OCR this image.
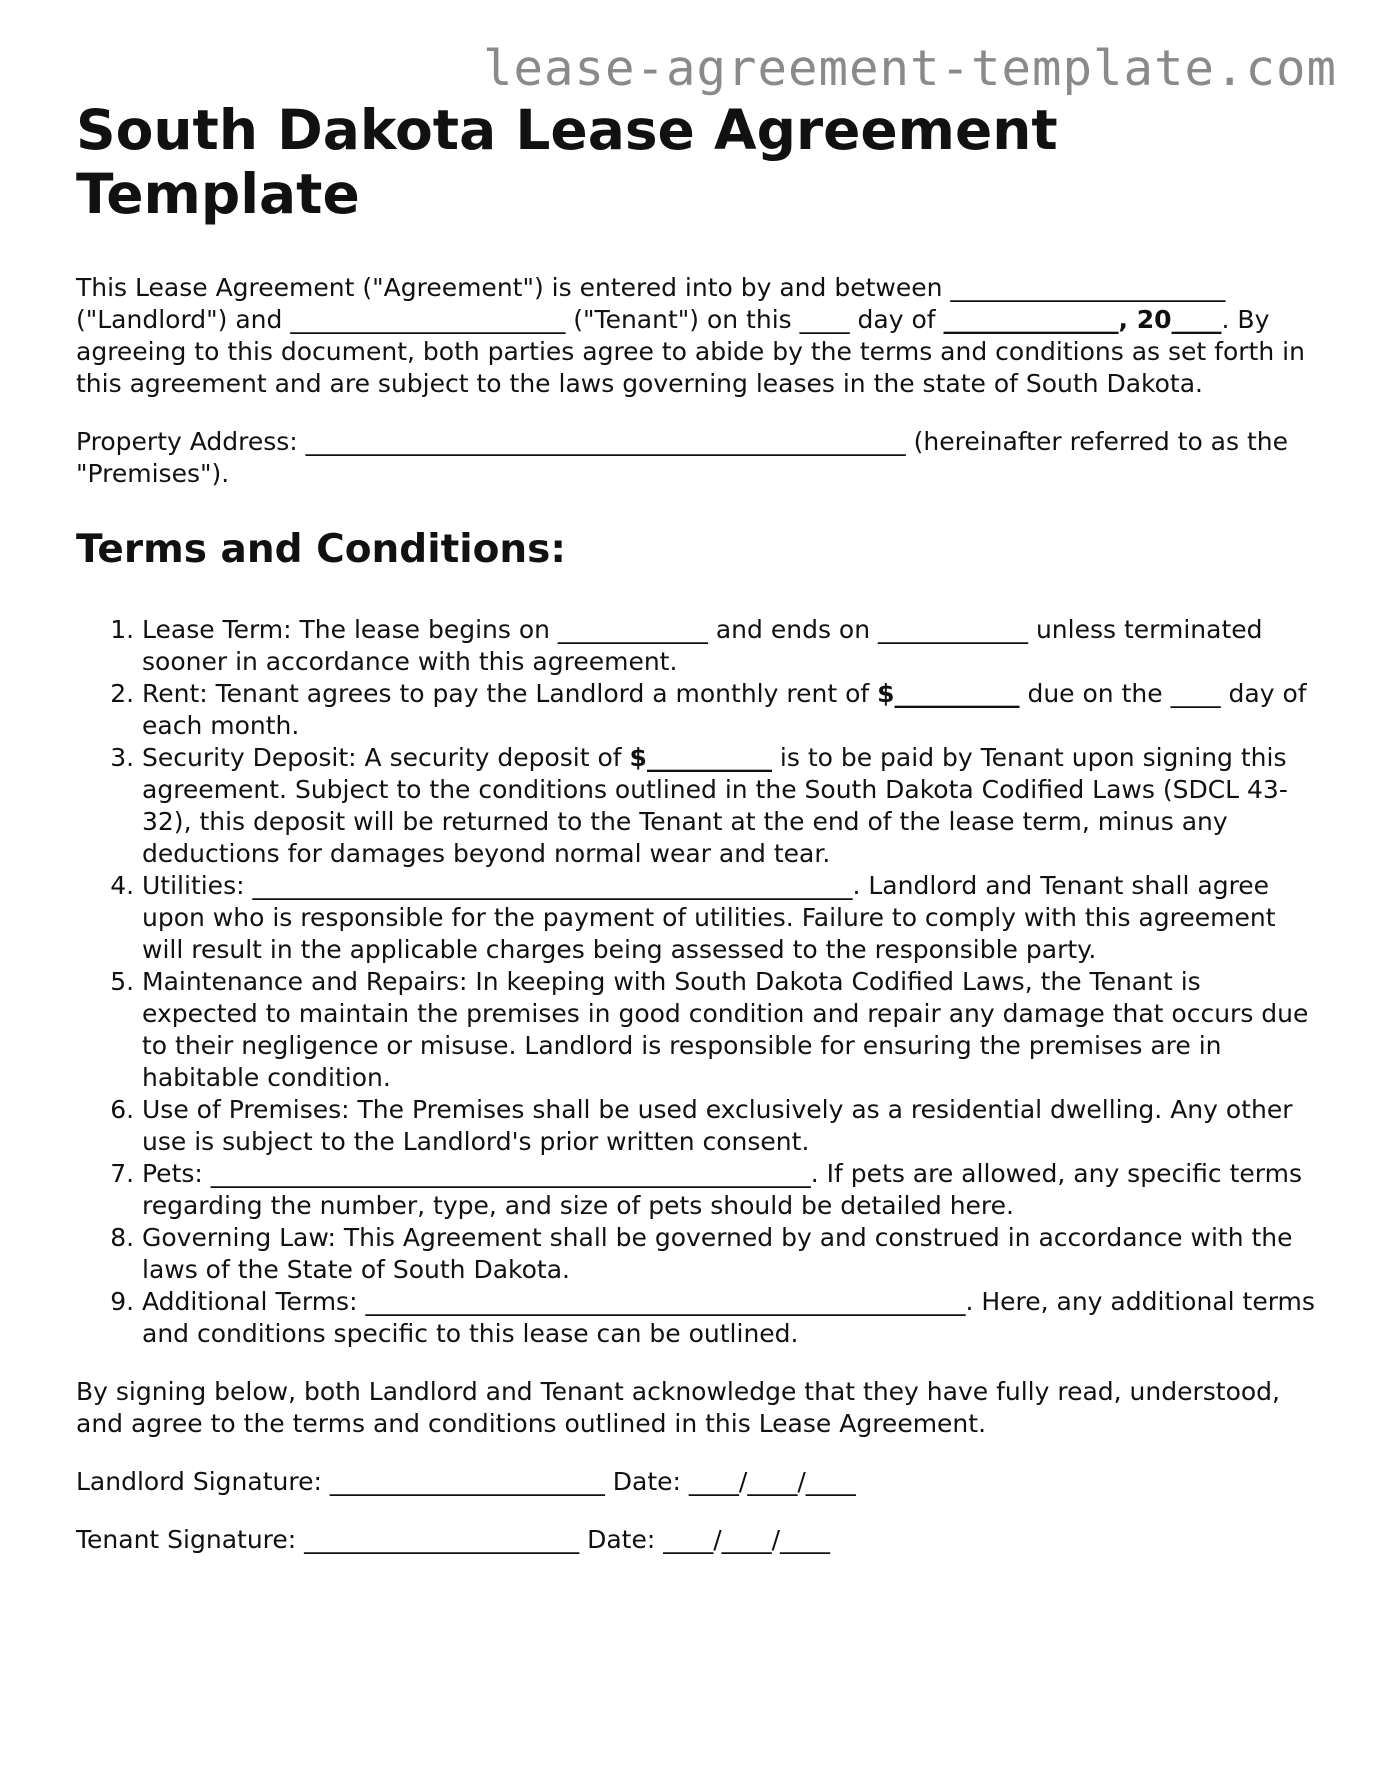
lease-agreement-template.com
South Dakota Lease Agreement Template

This Lease Agreement ("Agreement") is entered into by and between ______________________ ("Landlord") and ______________________ ("Tenant") on this ____ day of ______________, 20____. By agreeing to this document, both parties agree to abide by the terms and conditions as set forth in this agreement and are subject to the laws governing leases in the state of South Dakota.

Property Address: ________________________________________________ (hereinafter referred to as the "Premises").

Terms and Conditions:
1. Lease Term: The lease begins on ____________ and ends on ____________ unless terminated sooner in accordance with this agreement.
2. Rent: Tenant agrees to pay the Landlord a monthly rent of $__________ due on the ____ day of each month.
3. Security Deposit: A security deposit of $__________ is to be paid by Tenant upon signing this agreement. Subject to the conditions outlined in the South Dakota Codified Laws (SDCL 43-32), this deposit will be returned to the Tenant at the end of the lease term, minus any deductions for damages beyond normal wear and tear.
4. Utilities: ________________________________________________. Landlord and Tenant shall agree upon who is responsible for the payment of utilities. Failure to comply with this agreement will result in the applicable charges being assessed to the responsible party.
5. Maintenance and Repairs: In keeping with South Dakota Codified Laws, the Tenant is expected to maintain the premises in good condition and repair any damage that occurs due to their negligence or misuse. Landlord is responsible for ensuring the premises are in habitable condition.
6. Use of Premises: The Premises shall be used exclusively as a residential dwelling. Any other use is subject to the Landlord's prior written consent.
7. Pets: ________________________________________________. If pets are allowed, any specific terms regarding the number, type, and size of pets should be detailed here.
8. Governing Law: This Agreement shall be governed by and construed in accordance with the laws of the State of South Dakota.
9. Additional Terms: ________________________________________________. Here, any additional terms and conditions specific to this lease can be outlined.

By signing below, both Landlord and Tenant acknowledge that they have fully read, understood, and agree to the terms and conditions outlined in this Lease Agreement.

Landlord Signature: ______________________ Date: ____/____/____

Tenant Signature: ______________________ Date: ____/____/____
